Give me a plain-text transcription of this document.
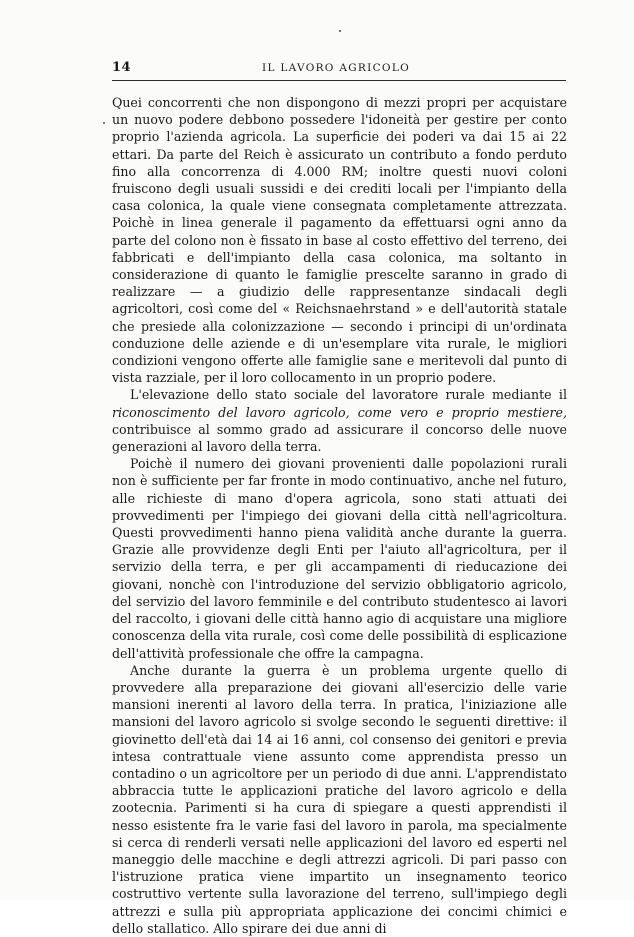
14	IL LAVORO AGRICOLO

Quei concorrenti che non dispongono di mezzi propri per acquistare un nuovo podere debbono possedere l'idoneità per gestire per conto proprio l'azienda agricola. La superficie dei poderi va dai 15 ai 22 ettari. Da parte del Reich è assicurato un contributo a fondo perduto fino alla concorrenza di 4.000 RM; inoltre questi nuovi coloni fruiscono degli usuali sussidi e dei crediti locali per l'impianto della casa colonica, la quale viene consegnata completamente attrezzata. Poichè in linea generale il pagamento da effettuarsi ogni anno da parte del colono non è fissato in base al costo effettivo del terreno, dei fabbricati e dell'impianto della casa colonica, ma soltanto in considerazione di quanto le famiglie prescelte saranno in grado di realizzare — a giudizio delle rappresentanze sindacali degli agricoltori, così come del « Reichsnaehrstand » e dell'autorità statale che presiede alla colonizzazione — secondo i principi di un'ordinata conduzione delle aziende e di un'esemplare vita rurale, le migliori condizioni vengono offerte alle famiglie sane e meritevoli dal punto di vista razziale, per il loro collocamento in un proprio podere.

L'elevazione dello stato sociale del lavoratore rurale mediante il riconoscimento del lavoro agricolo, come vero e proprio mestiere, contribuisce al sommo grado ad assicurare il concorso delle nuove generazioni al lavoro della terra.

Poichè il numero dei giovani provenienti dalle popolazioni rurali non è sufficiente per far fronte in modo continuativo, anche nel futuro, alle richieste di mano d'opera agricola, sono stati attuati dei provvedimenti per l'impiego dei giovani della città nell'agricoltura. Questi provvedimenti hanno piena validità anche durante la guerra. Grazie alle provvidenze degli Enti per l'aiuto all'agricoltura, per il servizio della terra, e per gli accampamenti di rieducazione dei giovani, nonchè con l'introduzione del servizio obbligatorio agricolo, del servizio del lavoro femminile e del contributo studentesco ai lavori del raccolto, i giovani delle città hanno agio di acquistare una migliore conoscenza della vita rurale, così come delle possibilità di esplicazione dell'attività professionale che offre la campagna.

Anche durante la guerra è un problema urgente quello di provvedere alla preparazione dei giovani all'esercizio delle varie mansioni inerenti al lavoro della terra. In pratica, l'iniziazione alle mansioni del lavoro agricolo si svolge secondo le seguenti direttive: il giovinetto dell'età dai 14 ai 16 anni, col consenso dei genitori e previa intesa contrattuale viene assunto come apprendista presso un contadino o un agricoltore per un periodo di due anni. L'apprendistato abbraccia tutte le applicazioni pratiche del lavoro agricolo e della zootecnia. Parimenti si ha cura di spiegare a questi apprendisti il nesso esistente fra le varie fasi del lavoro in parola, ma specialmente si cerca di renderli versati nelle applicazioni del lavoro ed esperti nel maneggio delle macchine e degli attrezzi agricoli. Di pari passo con l'istruzione pratica viene impartito un insegnamento teorico costruttivo vertente sulla lavorazione del terreno, sull'impiego degli attrezzi e sulla più appropriata applicazione dei concimi chimici e dello stallatico. Allo spirare dei due anni di
